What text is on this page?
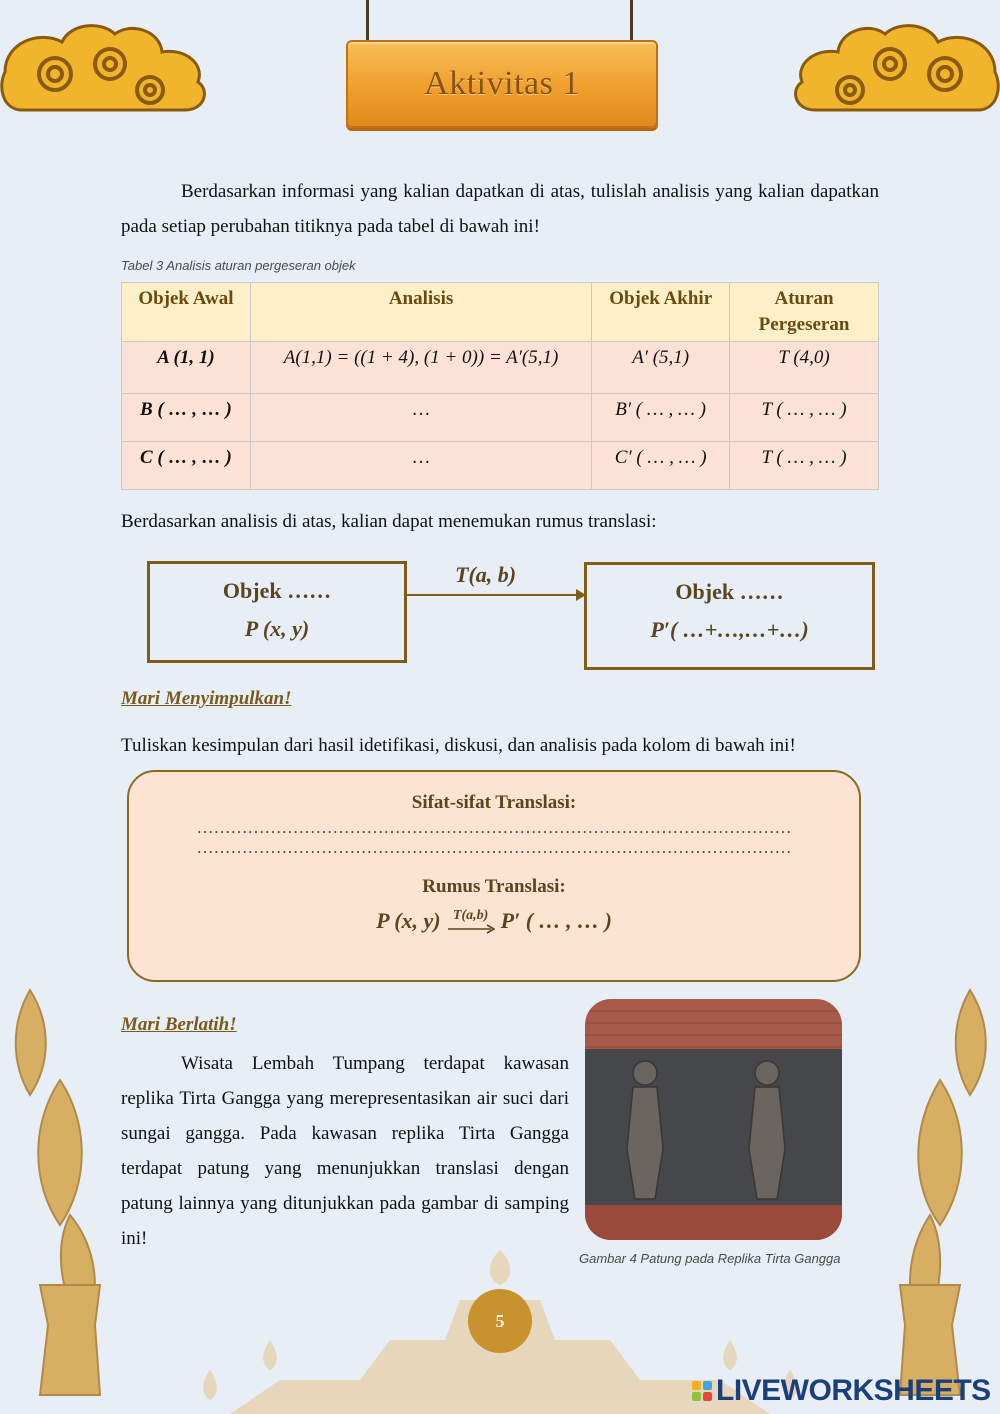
Aktivitas 1
Berdasarkan informasi yang kalian dapatkan di atas, tulislah analisis yang kalian dapatkan pada setiap perubahan titiknya pada tabel di bawah ini!
Tabel 3 Analisis aturan pergeseran objek
Objek Awal	Analisis	Objek Akhir	Aturan Pergeseran
A (1, 1)	A(1,1) = ((1 + 4), (1 + 0)) = A′(5,1)	A′ (5,1)	T (4,0)
B ( … , … )	…	B′ ( … , … )	T ( … , … )
C ( … , … )	…	C′ ( … , … )	T ( … , … )
Berdasarkan analisis di atas, kalian dapat menemukan rumus translasi:
Objek ……
P (x, y)
T(a, b)
Objek ……
P′( …+…,…+…)
Mari Menyimpulkan!
Tuliskan kesimpulan dari hasil idetifikasi, diskusi, dan analisis pada kolom di bawah ini!
Sifat-sifat Translasi:
……………………………………………………………………………………………
……………………………………………………………………………………………
Rumus Translasi:
P (x, y) T(a,b) P′ ( … , … )
Mari Berlatih!
Wisata Lembah Tumpang terdapat kawasan replika Tirta Gangga yang merepresentasikan air suci dari sungai gangga. Pada kawasan replika Tirta Gangga terdapat patung yang menunjukkan translasi dengan patung lainnya yang ditunjukkan pada gambar di samping ini!
Gambar 4 Patung pada Replika Tirta Gangga
5
LIVEWORKSHEETS
